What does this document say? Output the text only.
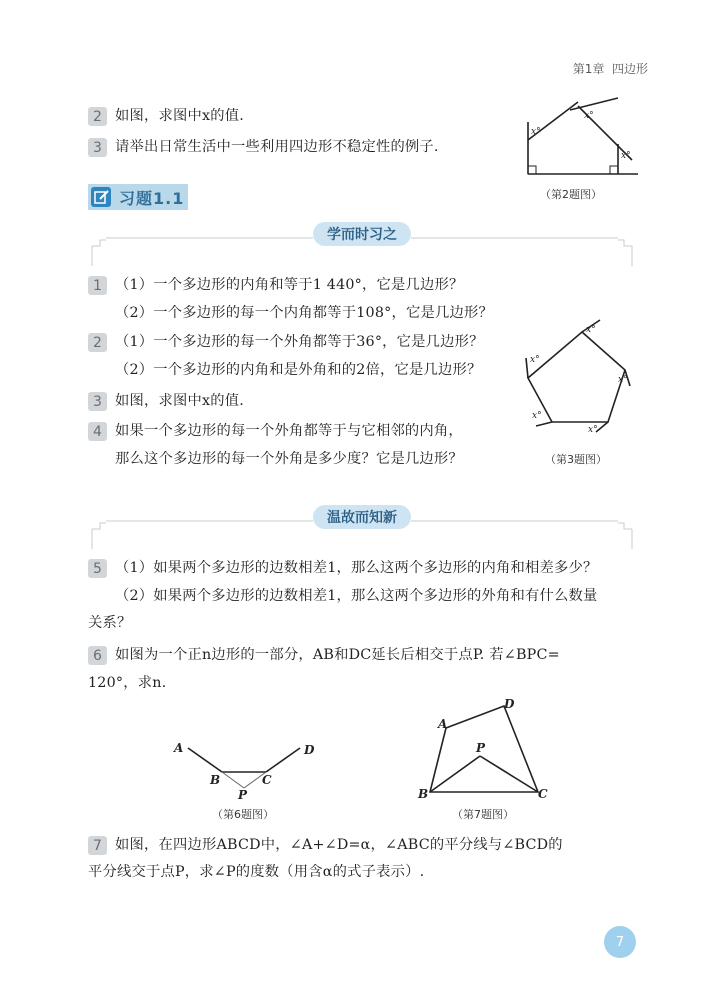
第1章 四边形
2 如图，求图中x的值.
3 请举出日常生活中一些利用四边形不稳定性的例子.
x°
x°
x°
（第2题图）
习题1.1
学而时习之
1 （1）一个多边形的内角和等于1 440°，它是几边形？
（2）一个多边形的每一个内角都等于108°，它是几边形？
2 （1）一个多边形的每一个外角都等于36°，它是几边形？
（2）一个多边形的内角和是外角和的2倍，它是几边形？
3 如图，求图中x的值.
4 如果一个多边形的每一个外角都等于与它相邻的内角，
那么这个多边形的每一个外角是多少度？它是几边形？
x°
x°
x°
x°
x°
（第3题图）
温故而知新
5 （1）如果两个多边形的边数相差1，那么这两个多边形的内角和相差多少？
（2）如果两个多边形的边数相差1，那么这两个多边形的外角和有什么数量
关系？
6 如图为一个正n边形的一部分，AB和DC延长后相交于点P. 若∠BPC=
120°，求n.
A
B	C
D
P
（第6题图）
A
D
P
B	C
（第7题图）
7 如图，在四边形ABCD中，∠A+∠D=α，∠ABC的平分线与∠BCD的
平分线交于点P，求∠P的度数（用含α的式子表示）.
7
